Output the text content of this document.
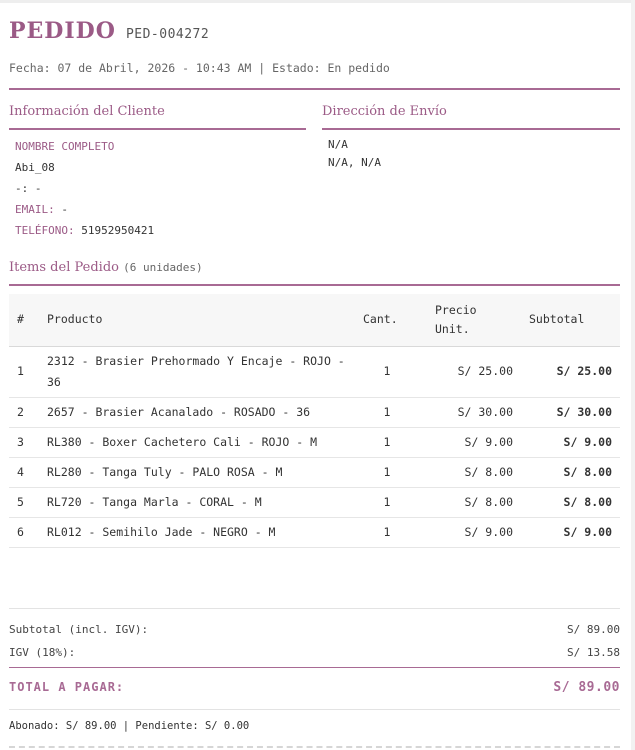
PEDIDO PED-004272
Fecha: 07 de Abril, 2026 - 10:43 AM | Estado: En pedido
Información del Cliente	Dirección de Envío
NOMBRE COMPLETO
Abi_08
-: -
EMAIL: -
TELÉFONO: 51952950421
N/A
N/A, N/A
Items del Pedido (6 unidades)
#	Producto	Cant.	Precio Unit.	Subtotal
1	2312 - Brasier Prehormado Y Encaje - ROJO - 36	1	S/ 25.00	S/ 25.00
2	2657 - Brasier Acanalado - ROSADO - 36	1	S/ 30.00	S/ 30.00
3	RL380 - Boxer Cachetero Cali - ROJO - M	1	S/ 9.00	S/ 9.00
4	RL280 - Tanga Tuly - PALO ROSA - M	1	S/ 8.00	S/ 8.00
5	RL720 - Tanga Marla - CORAL - M	1	S/ 8.00	S/ 8.00
6	RL012 - Semihilo Jade - NEGRO - M	1	S/ 9.00	S/ 9.00
Subtotal (incl. IGV):	S/ 89.00
IGV (18%):	S/ 13.58
TOTAL A PAGAR:	S/ 89.00
Abonado: S/ 89.00 | Pendiente: S/ 0.00
